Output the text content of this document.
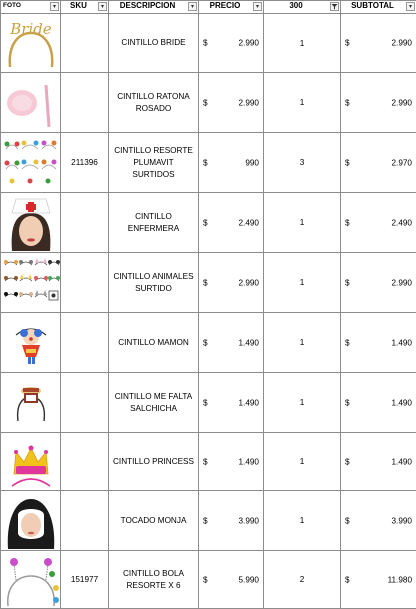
FOTO ▾	SKU ▾	DESCRIPCION ▾	PRECIO ▾	300	SUBTOTAL ▾

Bride		CINTILLO BRIDE	$ 2.990	1	$ 2.990

		CINTILLO RATONA ROSADO	$ 2.990	1	$ 2.990

	211396	CINTILLO RESORTE PLUMAVIT SURTIDOS	$ 990	3	$ 2.970

		CINTILLO ENFERMERA	$ 2.490	1	$ 2.490

		CINTILLO ANIMALES SURTIDO	$ 2.990	1	$ 2.990

		CINTILLO MAMON	$ 1.490	1	$ 1.490

		CINTILLO ME FALTA SALCHICHA	$ 1.490	1	$ 1.490

		CINTILLO PRINCESS	$ 1.490	1	$ 1.490

		TOCADO MONJA	$ 3.990	1	$ 3.990

	151977	CINTILLO BOLA RESORTE X 6	$ 5.990	2	$ 11.980
